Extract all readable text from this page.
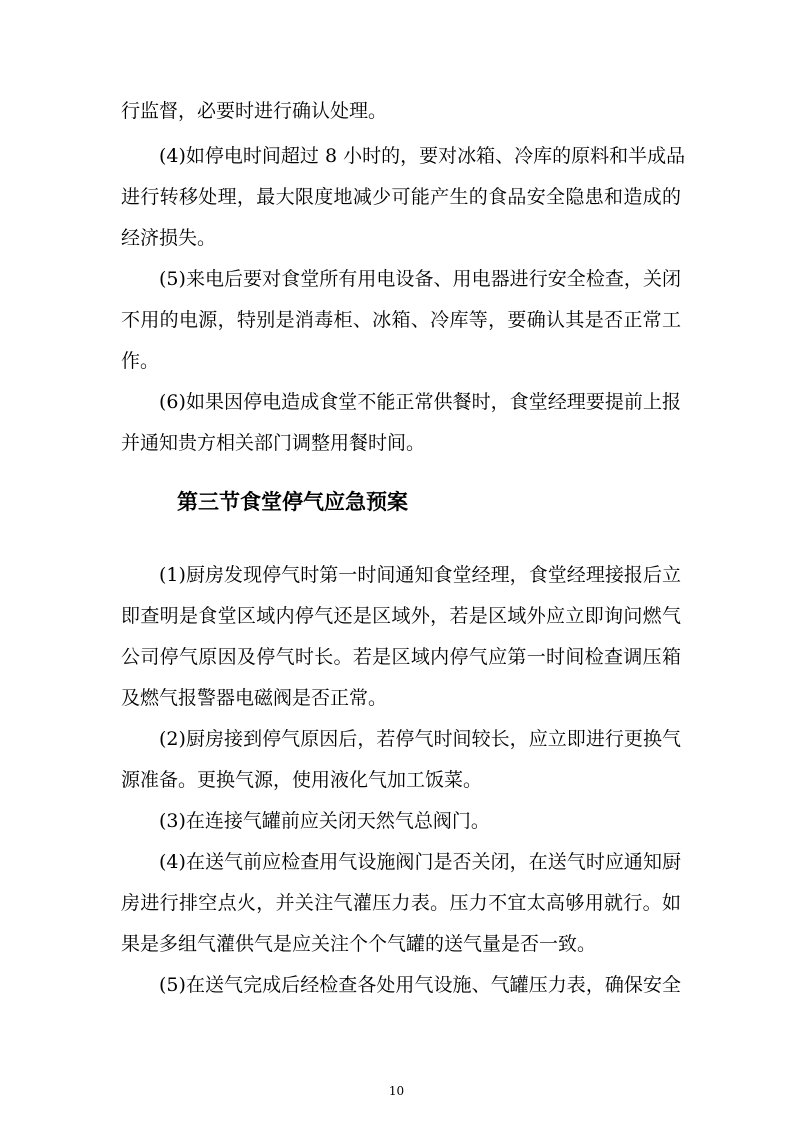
行监督，必要时进行确认处理。
(4)如停电时间超过 8 小时的，要对冰箱、冷库的原料和半成品
进行转移处理，最大限度地减少可能产生的食品安全隐患和造成的
经济损失。
(5)来电后要对食堂所有用电设备、用电器进行安全检查，关闭
不用的电源，特别是消毒柜、冰箱、冷库等，要确认其是否正常工
作。
(6)如果因停电造成食堂不能正常供餐时，食堂经理要提前上报
并通知贵方相关部门调整用餐时间。
第三节食堂停气应急预案
(1)厨房发现停气时第一时间通知食堂经理，食堂经理接报后立
即查明是食堂区域内停气还是区域外，若是区域外应立即询问燃气
公司停气原因及停气时长。若是区域内停气应第一时间检查调压箱
及燃气报警器电磁阀是否正常。
(2)厨房接到停气原因后，若停气时间较长，应立即进行更换气
源准备。更换气源，使用液化气加工饭菜。
(3)在连接气罐前应关闭天然气总阀门。
(4)在送气前应检查用气设施阀门是否关闭，在送气时应通知厨
房进行排空点火，并关注气灌压力表。压力不宜太高够用就行。如
果是多组气灌供气是应关注个个气罐的送气量是否一致。
(5)在送气完成后经检查各处用气设施、气罐压力表，确保安全
10
